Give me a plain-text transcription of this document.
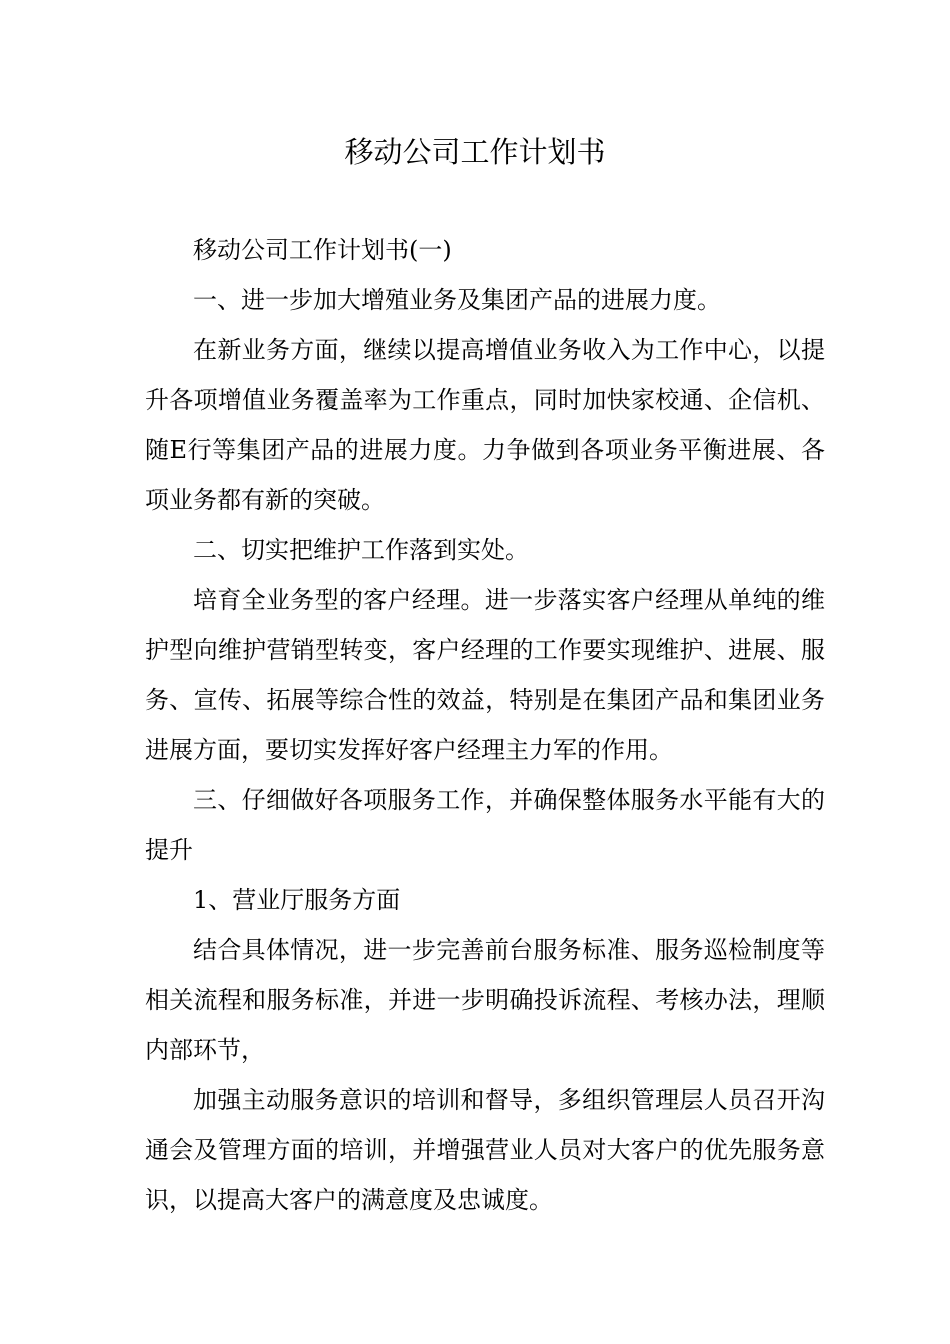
移动公司工作计划书

移动公司工作计划书(一)

一、进一步加大增殖业务及集团产品的进展力度。

在新业务方面，继续以提高增值业务收入为工作中心，以提升各项增值业务覆盖率为工作重点，同时加快家校通、企信机、随E行等集团产品的进展力度。力争做到各项业务平衡进展、各项业务都有新的突破。

二、切实把维护工作落到实处。

培育全业务型的客户经理。进一步落实客户经理从单纯的维护型向维护营销型转变，客户经理的工作要实现维护、进展、服务、宣传、拓展等综合性的效益，特别是在集团产品和集团业务进展方面，要切实发挥好客户经理主力军的作用。

三、仔细做好各项服务工作，并确保整体服务水平能有大的提升

1、营业厅服务方面

结合具体情况，进一步完善前台服务标准、服务巡检制度等相关流程和服务标准，并进一步明确投诉流程、考核办法，理顺内部环节，

加强主动服务意识的培训和督导，多组织管理层人员召开沟通会及管理方面的培训，并增强营业人员对大客户的优先服务意识，以提高大客户的满意度及忠诚度。
